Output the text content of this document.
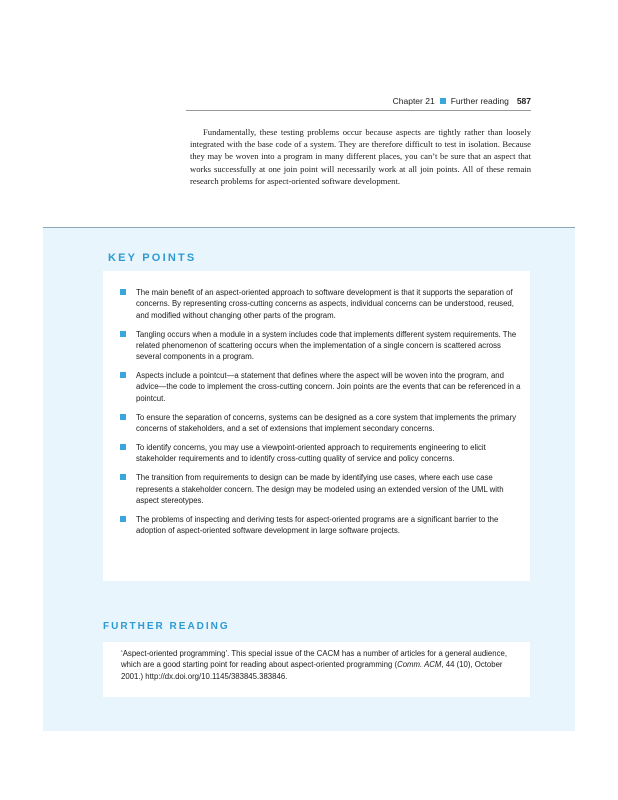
Chapter 21 Further reading 587

Fundamentally, these testing problems occur because aspects are tightly rather than loosely integrated with the base code of a system. They are therefore difficult to test in isolation. Because they may be woven into a program in many different places, you can’t be sure that an aspect that works successfully at one join point will necessarily work at all join points. All of these remain research problems for aspect-oriented software development.

KEY POINTS
The main benefit of an aspect-oriented approach to software development is that it supports the separation of concerns. By representing cross-cutting concerns as aspects, individual concerns can be understood, reused, and modified without changing other parts of the program.
Tangling occurs when a module in a system includes code that implements different system requirements. The related phenomenon of scattering occurs when the implementation of a single concern is scattered across several components in a program.
Aspects include a pointcut—a statement that defines where the aspect will be woven into the program, and advice—the code to implement the cross-cutting concern. Join points are the events that can be referenced in a pointcut.
To ensure the separation of concerns, systems can be designed as a core system that implements the primary concerns of stakeholders, and a set of extensions that implement secondary concerns.
To identify concerns, you may use a viewpoint-oriented approach to requirements engineering to elicit stakeholder requirements and to identify cross-cutting quality of service and policy concerns.
The transition from requirements to design can be made by identifying use cases, where each use case represents a stakeholder concern. The design may be modeled using an extended version of the UML with aspect stereotypes.
The problems of inspecting and deriving tests for aspect-oriented programs are a significant barrier to the adoption of aspect-oriented software development in large software projects.
FURTHER READING
‘Aspect-oriented programming’. This special issue of the CACM has a number of articles for a general audience, which are a good starting point for reading about aspect-oriented programming (Comm. ACM, 44 (10), October 2001.) http://dx.doi.org/10.1145/383845.383846.
